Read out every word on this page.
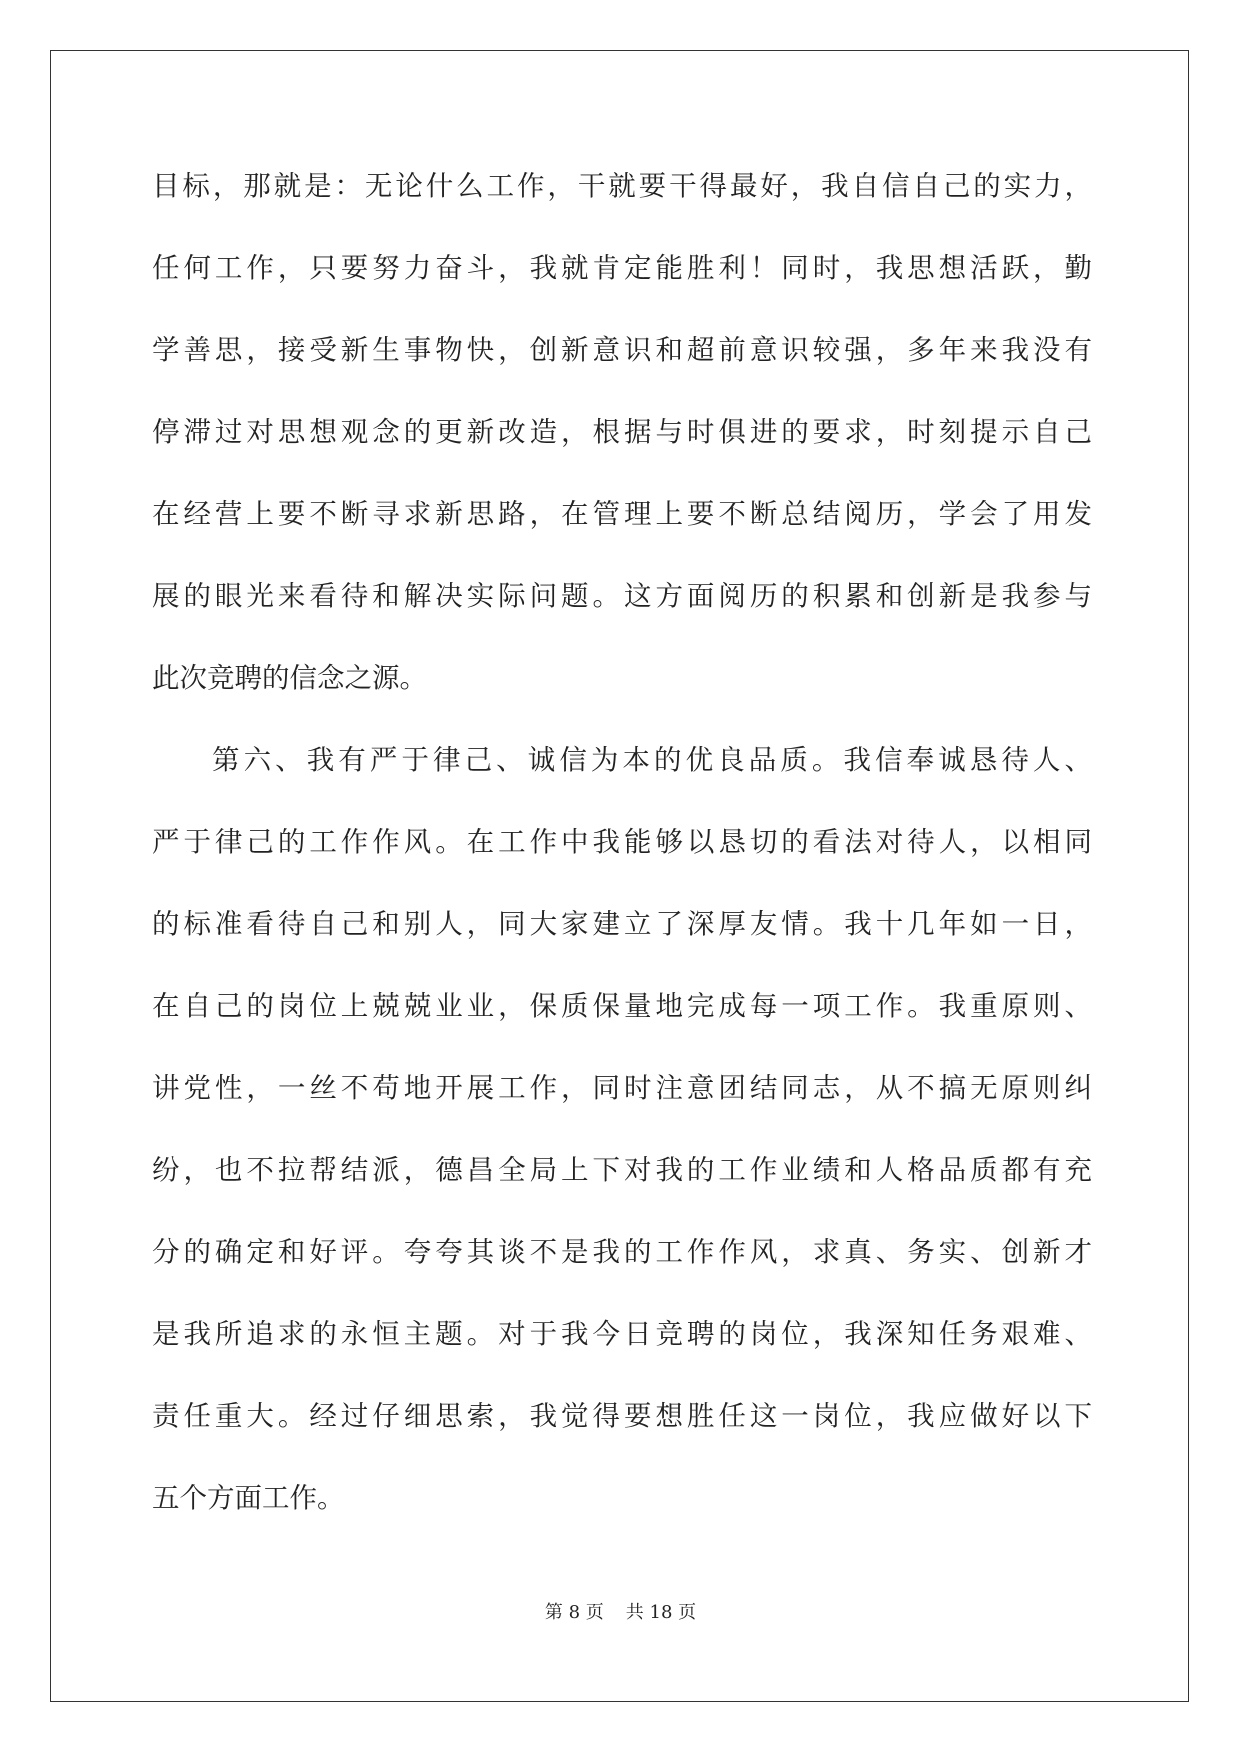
目标，那就是：无论什么工作，干就要干得最好，我自信自己的实力，
任何工作，只要努力奋斗，我就肯定能胜利！同时，我思想活跃，勤
学善思，接受新生事物快，创新意识和超前意识较强，多年来我没有
停滞过对思想观念的更新改造，根据与时俱进的要求，时刻提示自己
在经营上要不断寻求新思路，在管理上要不断总结阅历，学会了用发
展的眼光来看待和解决实际问题。这方面阅历的积累和创新是我参与
此次竞聘的信念之源。
第六、我有严于律己、诚信为本的优良品质。我信奉诚恳待人、
严于律己的工作作风。在工作中我能够以恳切的看法对待人，以相同
的标准看待自己和别人，同大家建立了深厚友情。我十几年如一日，
在自己的岗位上兢兢业业，保质保量地完成每一项工作。我重原则、
讲党性，一丝不苟地开展工作，同时注意团结同志，从不搞无原则纠
纷，也不拉帮结派，德昌全局上下对我的工作业绩和人格品质都有充
分的确定和好评。夸夸其谈不是我的工作作风，求真、务实、创新才
是我所追求的永恒主题。对于我今日竞聘的岗位，我深知任务艰难、
责任重大。经过仔细思索，我觉得要想胜任这一岗位，我应做好以下
五个方面工作。
第 8 页 共 18 页
